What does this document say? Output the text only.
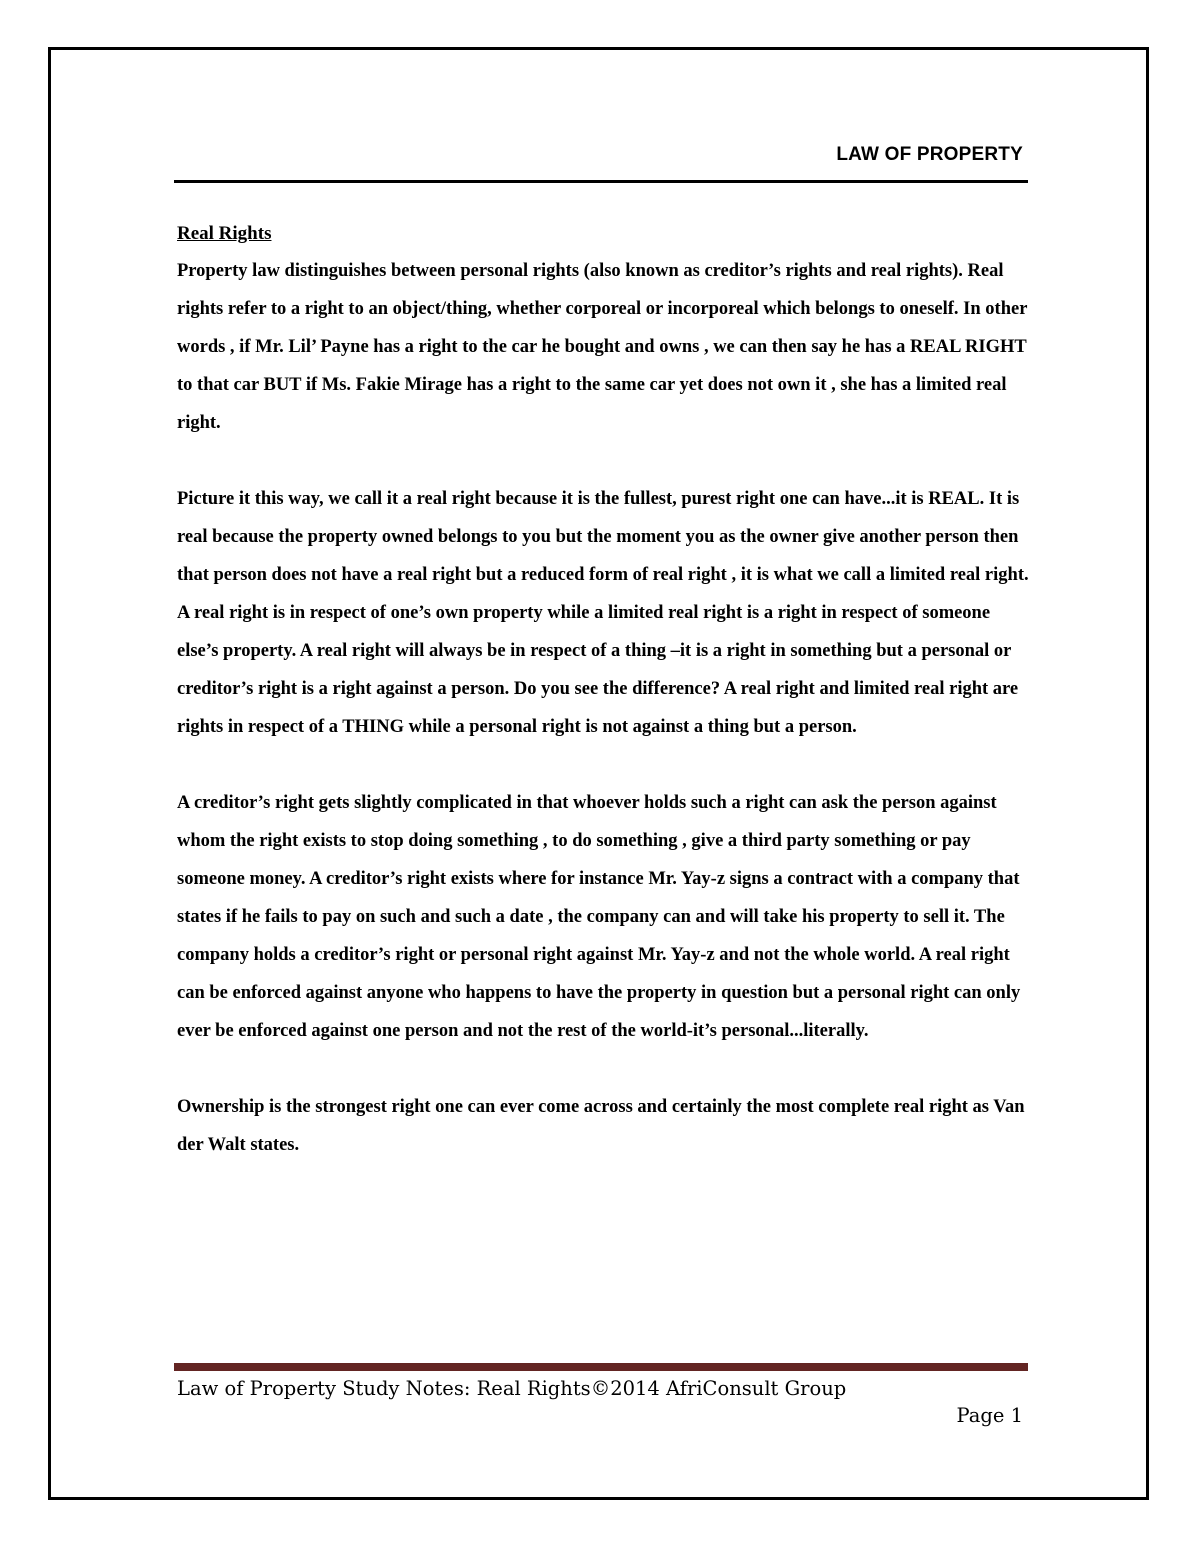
LAW OF PROPERTY
Real Rights

Property law distinguishes between personal rights (also known as creditor’s rights and real rights). Real rights refer to a right to an object/thing, whether corporeal or incorporeal which belongs to oneself. In other words , if Mr. Lil’ Payne has a right to the car he bought and owns , we can then say he has a REAL RIGHT to that car BUT if Ms. Fakie Mirage has a right to the same car yet does not own it , she has a limited real right.

Picture it this way, we call it a real right because it is the fullest, purest right one can have...it is REAL. It is real because the property owned belongs to you but the moment you as the owner give another person then that person does not have a real right but a reduced form of real right , it is what we call a limited real right. A real right is in respect of one’s own property while a limited real right is a right in respect of someone else’s property. A real right will always be in respect of a thing –it is a right in something but a personal or creditor’s right is a right against a person. Do you see the difference? A real right and limited real right are rights in respect of a THING while a personal right is not against a thing but a person.

A creditor’s right gets slightly complicated in that whoever holds such a right can ask the person against whom the right exists to stop doing something , to do something , give a third party something or pay someone money. A creditor’s right exists where for instance Mr. Yay-z signs a contract with a company that states if he fails to pay on such and such a date , the company can and will take his property to sell it. The company holds a creditor’s right or personal right against Mr. Yay-z and not the whole world. A real right can be enforced against anyone who happens to have the property in question but a personal right can only ever be enforced against one person and not the rest of the world-it’s personal...literally.

Ownership is the strongest right one can ever come across and certainly the most complete real right as Van der Walt states.

Law of Property Study Notes: Real Rights©2014 AfriConsult Group
Page 1
